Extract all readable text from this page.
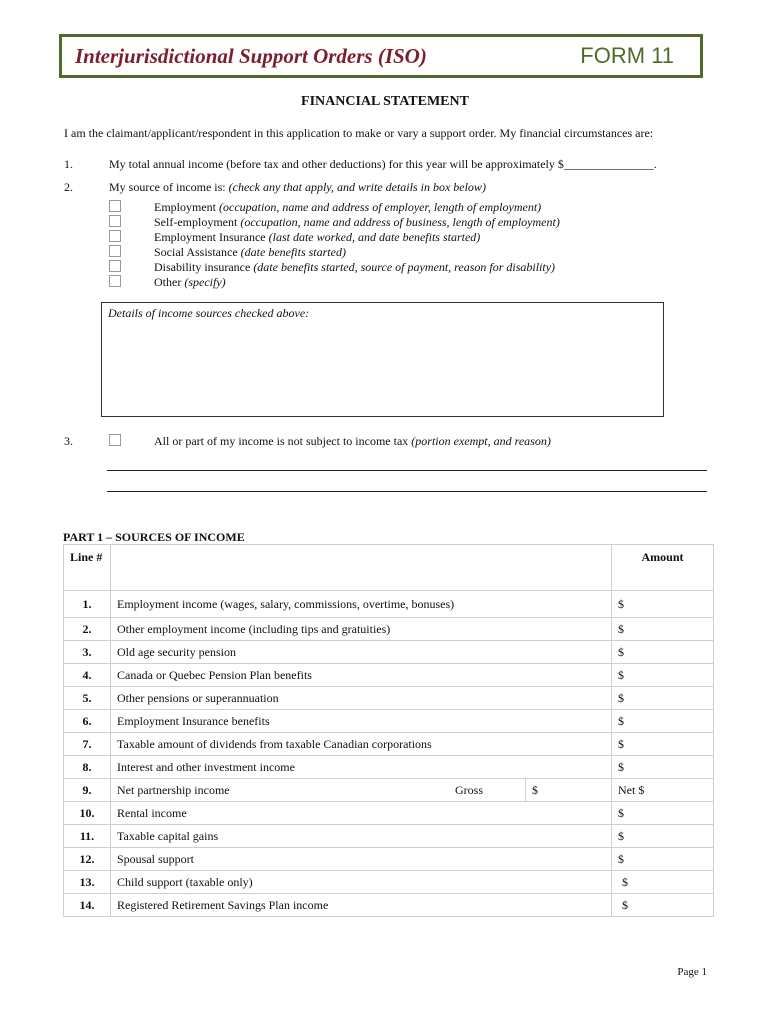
Interjurisdictional Support Orders (ISO)	FORM 11
FINANCIAL STATEMENT
I am the claimant/applicant/respondent in this application to make or vary a support order. My financial circumstances are:
1.	My total annual income (before tax and other deductions) for this year will be approximately $_______________.
2.	My source of income is: (check any that apply, and write details in box below)
Employment (occupation, name and address of employer, length of employment)
Self-employment (occupation, name and address of business, length of employment)
Employment Insurance (last date worked, and date benefits started)
Social Assistance (date benefits started)
Disability insurance (date benefits started, source of payment, reason for disability)
Other (specify)
Details of income sources checked above:
3.	All or part of my income is not subject to income tax (portion exempt, and reason)
PART 1 – SOURCES OF INCOME
Line #		Amount
1.	Employment income (wages, salary, commissions, overtime, bonuses)	$
2.	Other employment income (including tips and gratuities)	$
3.	Old age security pension	$
4.	Canada or Quebec Pension Plan benefits	$
5.	Other pensions or superannuation	$
6.	Employment Insurance benefits	$
7.	Taxable amount of dividends from taxable Canadian corporations	$
8.	Interest and other investment income	$
9.	Net partnership income Gross $	Net $
10.	Rental income	$
11.	Taxable capital gains	$
12.	Spousal support	$
13.	Child support (taxable only)	$
14.	Registered Retirement Savings Plan income	$
Page 1
